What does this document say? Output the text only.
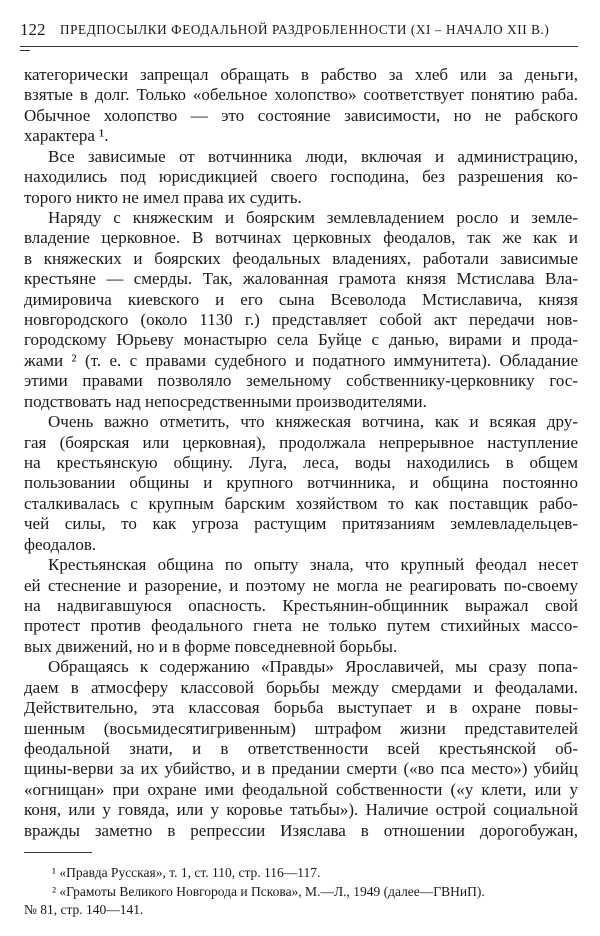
122 ПРЕДПОСЫЛКИ ФЕОДАЛЬНОЙ РАЗДРОБЛЕННОСТИ (XI – НАЧАЛО XII В.)
категорически запрещал обращать в рабство за хлеб или за деньги,
взятые в долг. Только «обельное холопство» соответствует понятию раба.
Обычное холопство — это состояние зависимости, но не рабского
характера ¹.
Все зависимые от вотчинника люди, включая и администрацию,
находились под юрисдикцией своего господина, без разрешения ко-
торого никто не имел права их судить.
Наряду с княжеским и боярским землевладением росло и земле-
владение церковное. В вотчинах церковных феодалов, так же как и
в княжеских и боярских феодальных владениях, работали зависимые
крестьяне — смерды. Так, жалованная грамота князя Мстислава Вла-
димировича киевского и его сына Всеволода Мстиславича, князя
новгородского (около 1130 г.) представляет собой акт передачи нов-
городскому Юрьеву монастырю села Буйце с данью, вирами и прода-
жами ² (т. е. с правами судебного и податного иммунитета). Обладание
этими правами позволяло земельному собственнику-церковнику гос-
подствовать над непосредственными производителями.
Очень важно отметить, что княжеская вотчина, как и всякая дру-
гая (боярская или церковная), продолжала непрерывное наступление
на крестьянскую общину. Луга, леса, воды находились в общем
пользовании общины и крупного вотчинника, и община постоянно
сталкивалась с крупным барским хозяйством то как поставщик рабо-
чей силы, то как угроза растущим притязаниям землевладельцев-
феодалов.
Крестьянская община по опыту знала, что крупный феодал несет
ей стеснение и разорение, и поэтому не могла не реагировать по-своему
на надвигавшуюся опасность. Крестьянин-общинник выражал свой
протест против феодального гнета не только путем стихийных массо-
вых движений, но и в форме повседневной борьбы.
Обращаясь к содержанию «Правды» Ярославичей, мы сразу попа-
даем в атмосферу классовой борьбы между смердами и феодалами.
Действительно, эта классовая борьба выступает и в охране повы-
шенным (восьмидесятигривенным) штрафом жизни представителей
феодальной знати, и в ответственности всей крестьянской об-
щины-верви за их убийство, и в предании смерти («во пса место») убийц
«огнищан» при охране ими феодальной собственности («у клети, или у
коня, или у говяда, или у коровье татьбы»). Наличие острой социальной
вражды заметно в репрессии Изяслава в отношении дорогобужан,
¹ «Правда Русская», т. 1, ст. 110, стр. 116—117.
² «Грамоты Великого Новгорода и Пскова», М.—Л., 1949 (далее—ГВНиП).
№ 81, стр. 140—141.
